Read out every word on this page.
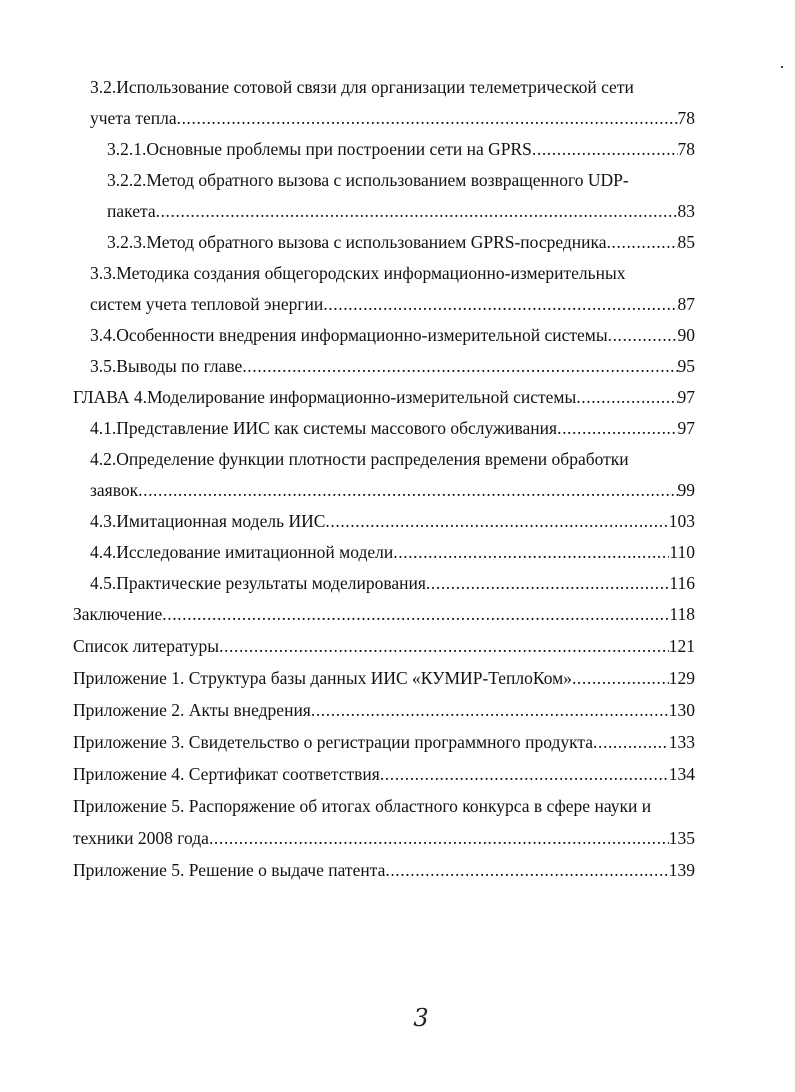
3.2.Использование сотовой связи для организации телеметрической сети
учета тепла .....	78
3.2.1.Основные проблемы при построении сети на GPRS .....	78
3.2.2.Метод обратного вызова с использованием возвращенного UDP-
пакета .....	83
3.2.3.Метод обратного вызова с использованием GPRS-посредника .....	85
3.3.Методика создания общегородских информационно-измерительных
систем учета тепловой энергии .....	87
3.4.Особенности внедрения информационно-измерительной системы .....	90
3.5.Выводы по главе .....	95
ГЛАВА 4.Моделирование информационно-измерительной системы .....	97
4.1.Представление ИИС как системы массового обслуживания .....	97
4.2.Определение функции плотности распределения времени обработки
заявок .....	99
4.3.Имитационная модель ИИС .....	103
4.4.Исследование имитационной модели .....	110
4.5.Практические результаты моделирования .....	116
Заключение .....	118
Список литературы .....	121
Приложение 1. Структура базы данных ИИС «КУМИР-ТеплоКом» .....	129
Приложение 2. Акты внедрения .....	130
Приложение 3. Свидетельство о регистрации программного продукта .....	133
Приложение 4. Сертификат соответствия .....	134
Приложение 5. Распоряжение об итогах областного конкурса в сфере науки и
техники 2008 года .....	135
Приложение 5. Решение о выдаче патента .....	139
3
